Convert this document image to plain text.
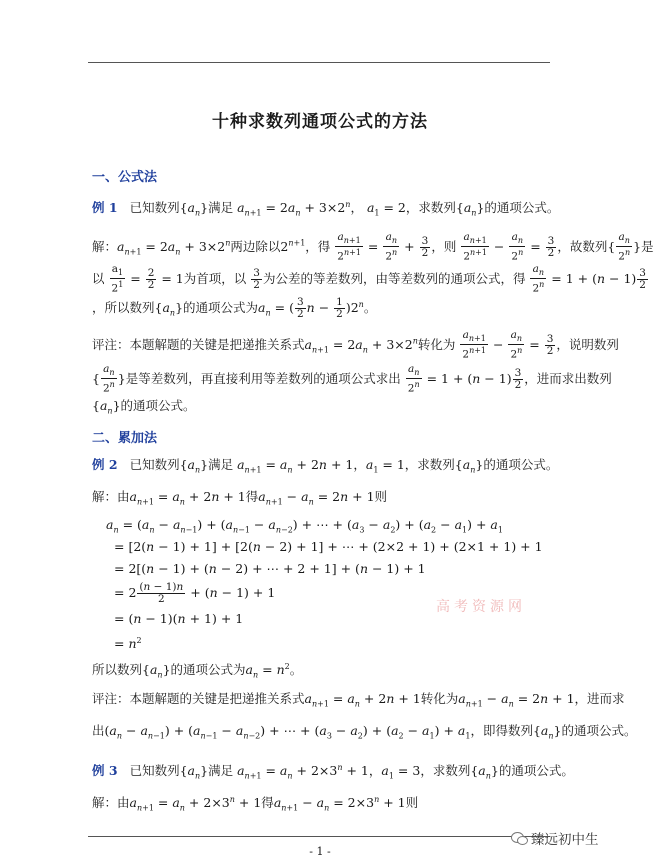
十种求数列通项公式的方法
一、公式法
例 1 已知数列$\{a_n\}$满足 $a_{n+1} = 2a_n + 3\times 2^n$， $a_1 = 2$，求数列$\{a_n\}$的通项公式。
解：$a_{n+1} = 2a_n + 3\times 2^n$两边除以$2^{n+1}$，得 $\frac{a_{n+1}}{2^{n+1}} = \frac{a_n}{2^n} + \frac{3}{2}$ ，则 $\frac{a_{n+1}}{2^{n+1}} - \frac{a_n}{2^n} = \frac{3}{2}$ ，故数列{ $\frac{a_n}{2^n}$ }是
以 $\frac{a_1}{2^1} = \frac{2}{2} = 1$为首项，以 $\frac{3}{2}$ 为公差的等差数列，由等差数列的通项公式，得 $\frac{a_n}{2^n} = 1 + (n - 1) \frac{3}{2}$
，所以数列$\{a_n\}$的通项公式为$a_n$ = ( $\frac{3}{2}$ $n - \frac{1}{2} )2^n$。
评注：本题解题的关键是把递推关系式$a_{n+1} = 2a_n + 3\times 2^n$转化为 $\frac{a_{n+1}}{2^{n+1}} - \frac{a_n}{2^n} = \frac{3}{2}$ ，说明数列
{ $\frac{a_n}{2^n}$ }是等差数列，再直接利用等差数列的通项公式求出 $\frac{a_n}{2^n} = 1 + (n - 1) \frac{3}{2}$ ，进而求出数列
$\{a_n\}$的通项公式。
二、累加法
例 2 已知数列$\{a_n\}$满足 $a_{n+1} = a_n + 2n + 1$，$a_1 = 1$，求数列$\{a_n\}$的通项公式。
解：由$a_{n+1} = a_n + 2n + 1$得$a_{n+1} - a_n = 2n + 1$则
$a_n = (a_n - a_{n-1}) + (a_{n-1} - a_{n-2})$ + ⋯ + $(a_3 - a_2) + (a_2 - a_1) + a_1$
= [2(n − 1) + 1] + [2(n − 2) + 1] + ⋯ + (2×2 + 1) + (2×1 + 1) + 1
= 2[(n − 1) + (n − 2) + ⋯ + 2 + 1] + (n − 1) + 1
= $2 \frac{(n - 1)n}{2} + (n - 1) + 1$
= (n − 1)(n + 1) + 1
= $n^2$
高考资源网
所以数列$\{a_n\}$的通项公式为$a_n = n^2$。
评注：本题解题的关键是把递推关系式$a_{n+1} = a_n + 2n + 1$转化为$a_{n+1} - a_n = 2n + 1$，进而求
出$(a_n - a_{n-1}) + (a_{n-1} - a_{n-2})$ + ⋯ + $(a_3 - a_2) + (a_2 - a_1) + a_1$，即得数列$\{a_n\}$的通项公式。
例 3 已知数列$\{a_n\}$满足 $a_{n+1} = a_n + 2\times 3^n + 1$，$a_1 = 3$，求数列$\{a_n\}$的通项公式。
解：由$a_{n+1} = a_n + 2\times 3^n + 1$得$a_{n+1} - a_n = 2\times 3^n + 1$则
臻远初中生
- 1 -
